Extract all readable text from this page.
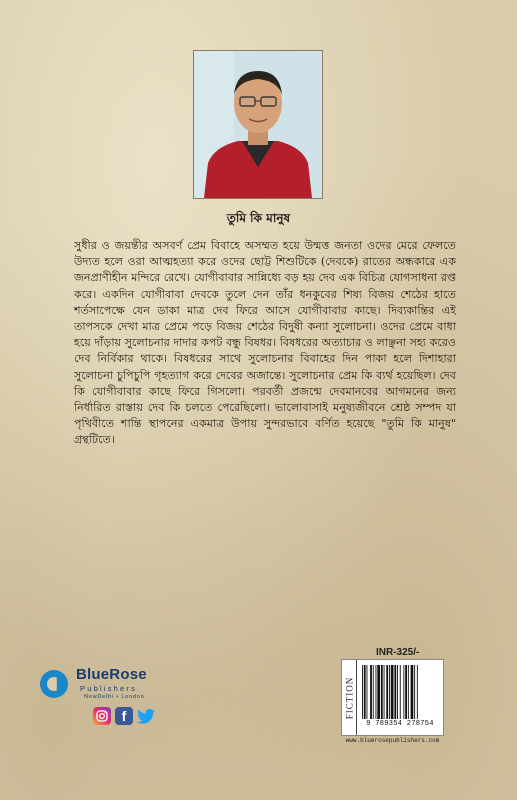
তুমি কি মানুষ
সুধীর ও জয়ন্তীর অসবর্ণ প্রেম বিবাহে অসম্মত হয়ে উন্মত্ত জনতা ওদের মেরে ফেলতে উদ্যত হলে ওরা আত্মহত্যা করে ওদের ছোট্ট শিশুটিকে (দেবকে) রাতের অন্ধকারে এক জনপ্রাণীহীন মন্দিরে রেখে। যোগীবাবার সান্নিধ্যে বড় হয় দেব এক বিচিত্র যোগসাধনা রপ্ত করে। একদিন যোগীবাবা দেবকে তুলে দেন তাঁর ধনকুবের শিষ্য বিজয় শেঠের হাতে শর্তসাপেক্ষে যেন ডাকা মাত্র দেব ফিরে আসে যোগীবাবার কাছে। দিব্যকান্তির এই তাপসকে দেখা মাত্র প্রেমে পড়ে বিজয় শেঠের বিদুষী কন্যা সুলোচনা। ওদের প্রেমে বাধা হয়ে দাঁড়ায় সুলোচনার দাদার কপট বন্ধু বিষধর। বিষধরের অত্যাচার ও লাঞ্ছনা সহ্য করেও দেব নির্বিকার থাকে। বিষধরের সাথে সুলোচনার বিবাহের দিন পাকা হলে দিশাহারা সুলোচনা চুপিচুপি গৃহত্যাগ করে দেবের অজান্তে। সুলোচনার প্রেম কি ব্যর্থ হয়েছিল। দেব কি যোগীবাবার কাছে ফিরে গিসলো। পরবর্তী প্রজন্মে দেবমানবের আগমনের জন্য নির্ধারিত রাস্তায় দেব কি চলতে পেরেছিলো। ভালোবাসাই মনুষ্যজীবনে শ্রেষ্ঠ সম্পদ যা পৃথিবীতে শান্তি স্থাপনের একমাত্র উপায় সুন্দরভাবে বর্ণিত হয়েছে "তুমি কি মানুষ" গ্রন্থটিতে।
BlueRose
Publishers
NewDelhi • London
f
INR-325/-
FICTION
9 789354 278754
www.bluerosepublishers.com
